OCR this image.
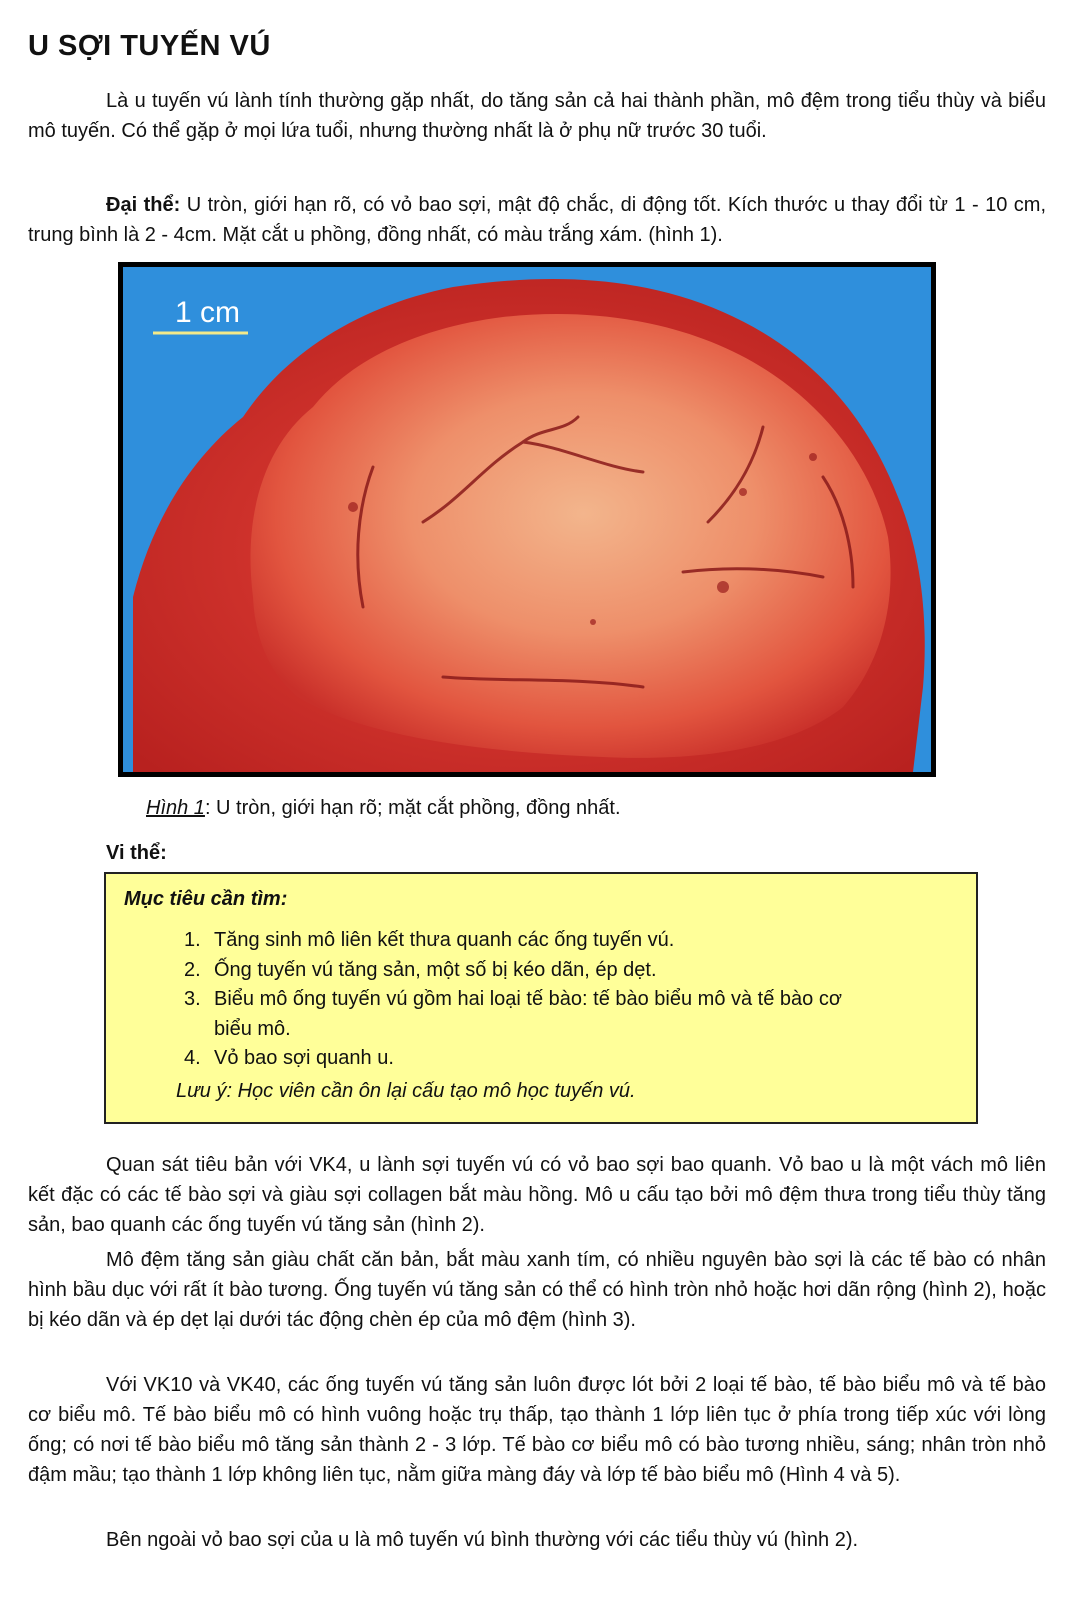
U SỢI TUYẾN VÚ

Là u tuyến vú lành tính thường gặp nhất, do tăng sản cả hai thành phần, mô đệm trong tiểu thùy và biểu mô tuyến. Có thể gặp ở mọi lứa tuổi, nhưng thường nhất là ở phụ nữ trước 30 tuổi.

Đại thể: U tròn, giới hạn rõ, có vỏ bao sợi, mật độ chắc, di động tốt. Kích thước u thay đổi từ 1 - 10 cm, trung bình là 2 - 4cm. Mặt cắt u phồng, đồng nhất, có màu trắng xám. (hình 1).

1 cm

Hình 1: U tròn, giới hạn rõ; mặt cắt phồng, đồng nhất.

Vi thể:

Mục tiêu cần tìm:
1. Tăng sinh mô liên kết thưa quanh các ống tuyến vú.
2. Ống tuyến vú tăng sản, một số bị kéo dãn, ép dẹt.
3. Biểu mô ống tuyến vú gồm hai loại tế bào: tế bào biểu mô và tế bào cơ biểu mô.
4. Vỏ bao sợi quanh u.
Lưu ý: Học viên cần ôn lại cấu tạo mô học tuyến vú.

Quan sát tiêu bản với VK4, u lành sợi tuyến vú có vỏ bao sợi bao quanh. Vỏ bao u là một vách mô liên kết đặc có các tế bào sợi và giàu sợi collagen bắt màu hồng. Mô u cấu tạo bởi mô đệm thưa trong tiểu thùy tăng sản, bao quanh các ống tuyến vú tăng sản (hình 2).

Mô đệm tăng sản giàu chất căn bản, bắt màu xanh tím, có nhiều nguyên bào sợi là các tế bào có nhân hình bầu dục với rất ít bào tương. Ống tuyến vú tăng sản có thể có hình tròn nhỏ hoặc hơi dãn rộng (hình 2), hoặc bị kéo dãn và ép dẹt lại dưới tác động chèn ép của mô đệm (hình 3).

Với VK10 và VK40, các ống tuyến vú tăng sản luôn được lót bởi 2 loại tế bào, tế bào biểu mô và tế bào cơ biểu mô. Tế bào biểu mô có hình vuông hoặc trụ thấp, tạo thành 1 lớp liên tục ở phía trong tiếp xúc với lòng ống; có nơi tế bào biểu mô tăng sản thành 2 - 3 lớp. Tế bào cơ biểu mô có bào tương nhiều, sáng; nhân tròn nhỏ đậm mầu; tạo thành 1 lớp không liên tục, nằm giữa màng đáy và lớp tế bào biểu mô (Hình 4 và 5).

Bên ngoài vỏ bao sợi của u là mô tuyến vú bình thường với các tiểu thùy vú (hình 2).
